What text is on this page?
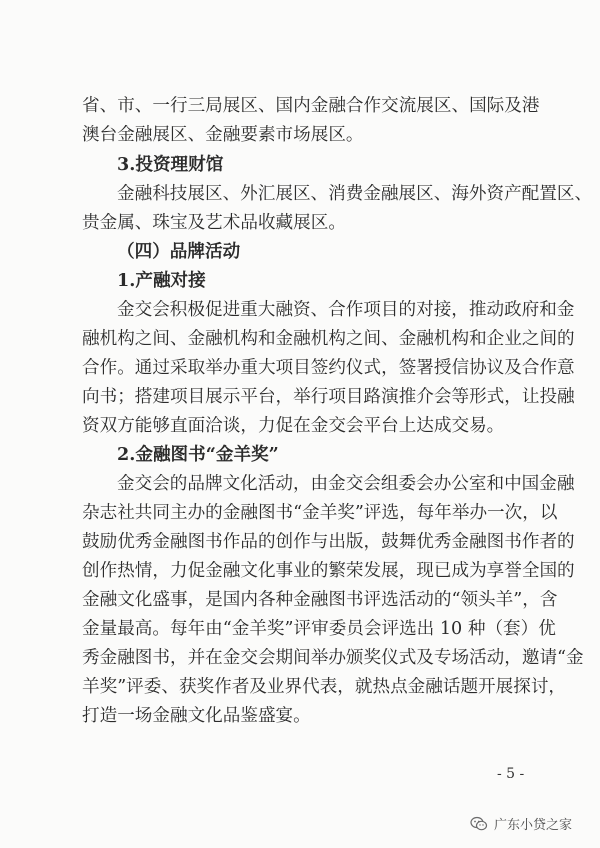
省、市、一行三局展区、国内金融合作交流展区、国际及港
澳台金融展区、金融要素市场展区。
3.投资理财馆
金融科技展区、外汇展区、消费金融展区、海外资产配置区、
贵金属、珠宝及艺术品收藏展区。
（四）品牌活动
1.产融对接
金交会积极促进重大融资、合作项目的对接，推动政府和金
融机构之间、金融机构和金融机构之间、金融机构和企业之间的
合作。通过采取举办重大项目签约仪式，签署授信协议及合作意
向书；搭建项目展示平台，举行项目路演推介会等形式，让投融
资双方能够直面洽谈，力促在金交会平台上达成交易。
2.金融图书“金羊奖”
金交会的品牌文化活动，由金交会组委会办公室和中国金融
杂志社共同主办的金融图书“金羊奖”评选，每年举办一次，以
鼓励优秀金融图书作品的创作与出版，鼓舞优秀金融图书作者的
创作热情，力促金融文化事业的繁荣发展，现已成为享誉全国的
金融文化盛事，是国内各种金融图书评选活动的“领头羊”，含
金量最高。每年由“金羊奖”评审委员会评选出 10 种（套）优
秀金融图书，并在金交会期间举办颁奖仪式及专场活动，邀请“金
羊奖”评委、获奖作者及业界代表，就热点金融话题开展探讨，
打造一场金融文化品鉴盛宴。
- 5 -
广东小贷之家
